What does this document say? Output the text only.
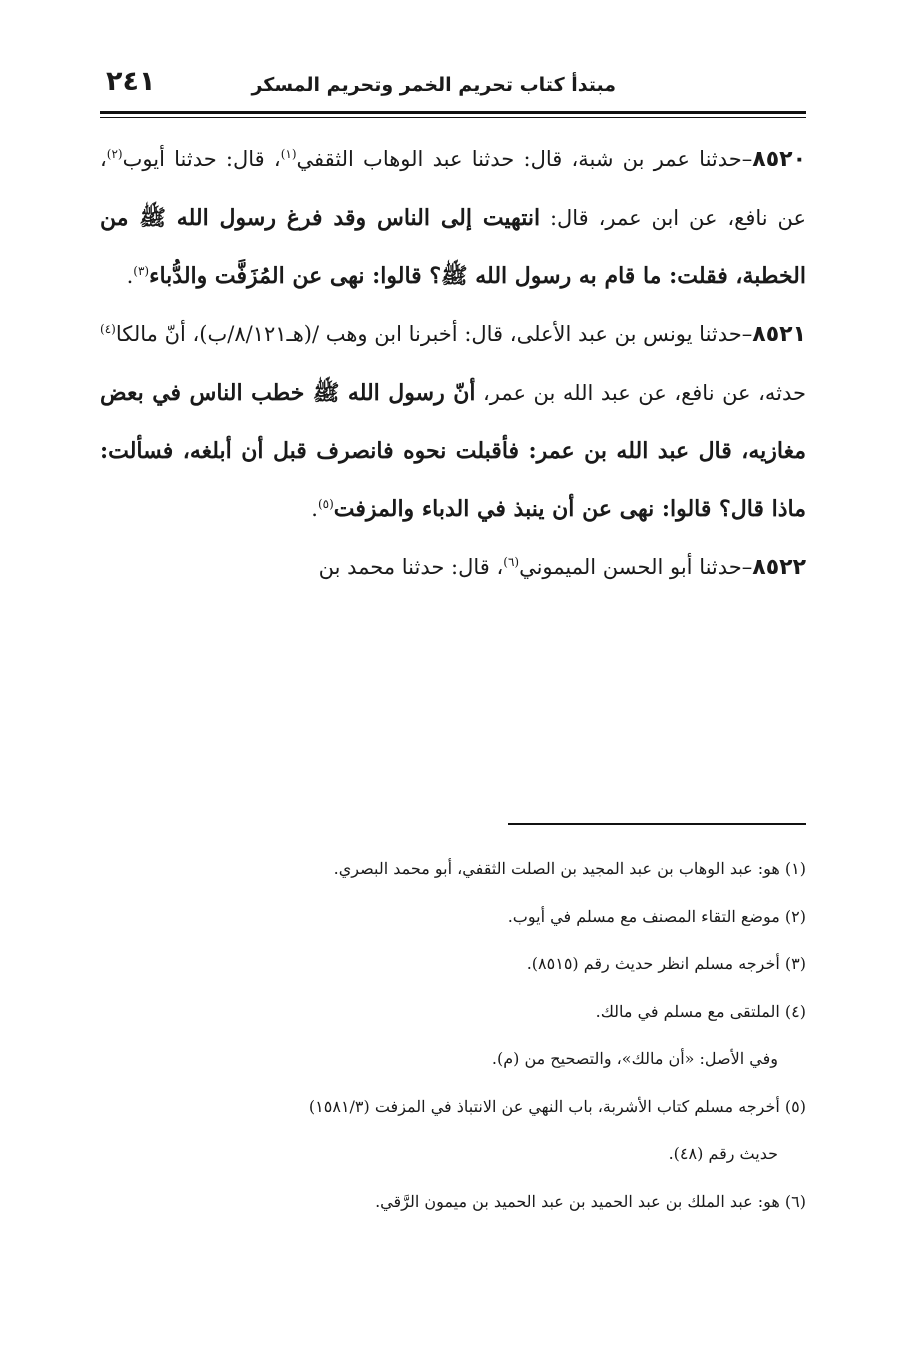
مبتدأ كتاب تحريم الخمر وتحريم المسكر
٢٤١

٨٥٢٠–حدثنا عمر بن شبة، قال: حدثنا عبد الوهاب الثقفي$^{(١)}$، قال: حدثنا أيوب$^{(٢)}$، عن نافع، عن ابن عمر، قال: انتهيت إلى الناس وقد فرغ رسول الله ﷺ من الخطبة، فقلت: ما قام به رسول الله ﷺ؟ قالوا: نهى عن المُزَفَّت والدُّباء$^{(٣)}$.

٨٥٢١–حدثنا يونس بن عبد الأعلى، قال: أخبرنا ابن وهب /(هـ٨/١٢١/ب)، أنّ مالكا$^{(٤)}$ حدثه، عن نافع، عن عبد الله بن عمر، أنّ رسول الله ﷺ خطب الناس في بعض مغازيه، قال عبد الله بن عمر: فأقبلت نحوه فانصرف قبل أن أبلغه، فسألت: ماذا قال؟ قالوا: نهى عن أن ينبذ في الدباء والمزفت$^{(٥)}$.

٨٥٢٢–حدثنا أبو الحسن الميموني$^{(٦)}$، قال: حدثنا محمد بن

(١) هو: عبد الوهاب بن عبد المجيد بن الصلت الثقفي، أبو محمد البصري.
(٢) موضع التقاء المصنف مع مسلم في أيوب.
(٣) أخرجه مسلم انظر حديث رقم (٨٥١٥).
(٤) الملتقى مع مسلم في مالك.
وفي الأصل: «أن مالك»، والتصحيح من (م).
(٥) أخرجه مسلم كتاب الأشربة، باب النهي عن الانتباذ في المزفت (١٥٨١/٣)
حديث رقم (٤٨).
(٦) هو: عبد الملك بن عبد الحميد بن عبد الحميد بن ميمون الرَّقي.
